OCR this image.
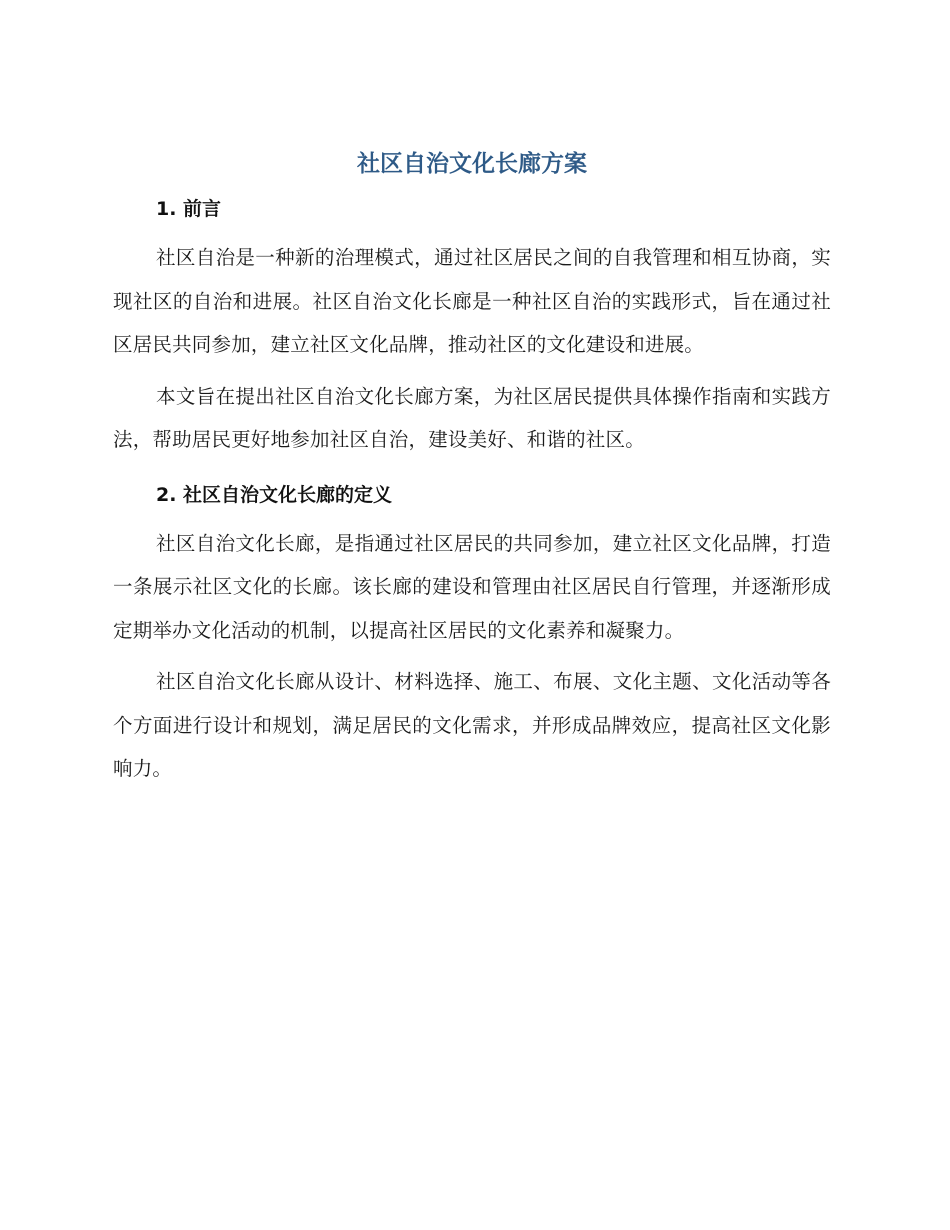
社区自治文化长廊方案
1. 前言

社区自治是一种新的治理模式，通过社区居民之间的自我管理和相互协商，实现社区的自治和进展。社区自治文化长廊是一种社区自治的实践形式，旨在通过社区居民共同参加，建立社区文化品牌，推动社区的文化建设和进展。

本文旨在提出社区自治文化长廊方案，为社区居民提供具体操作指南和实践方法，帮助居民更好地参加社区自治，建设美好、和谐的社区。

2. 社区自治文化长廊的定义

社区自治文化长廊，是指通过社区居民的共同参加，建立社区文化品牌，打造一条展示社区文化的长廊。该长廊的建设和管理由社区居民自行管理，并逐渐形成定期举办文化活动的机制，以提高社区居民的文化素养和凝聚力。

社区自治文化长廊从设计、材料选择、施工、布展、文化主题、文化活动等各个方面进行设计和规划，满足居民的文化需求，并形成品牌效应，提高社区文化影响力。
